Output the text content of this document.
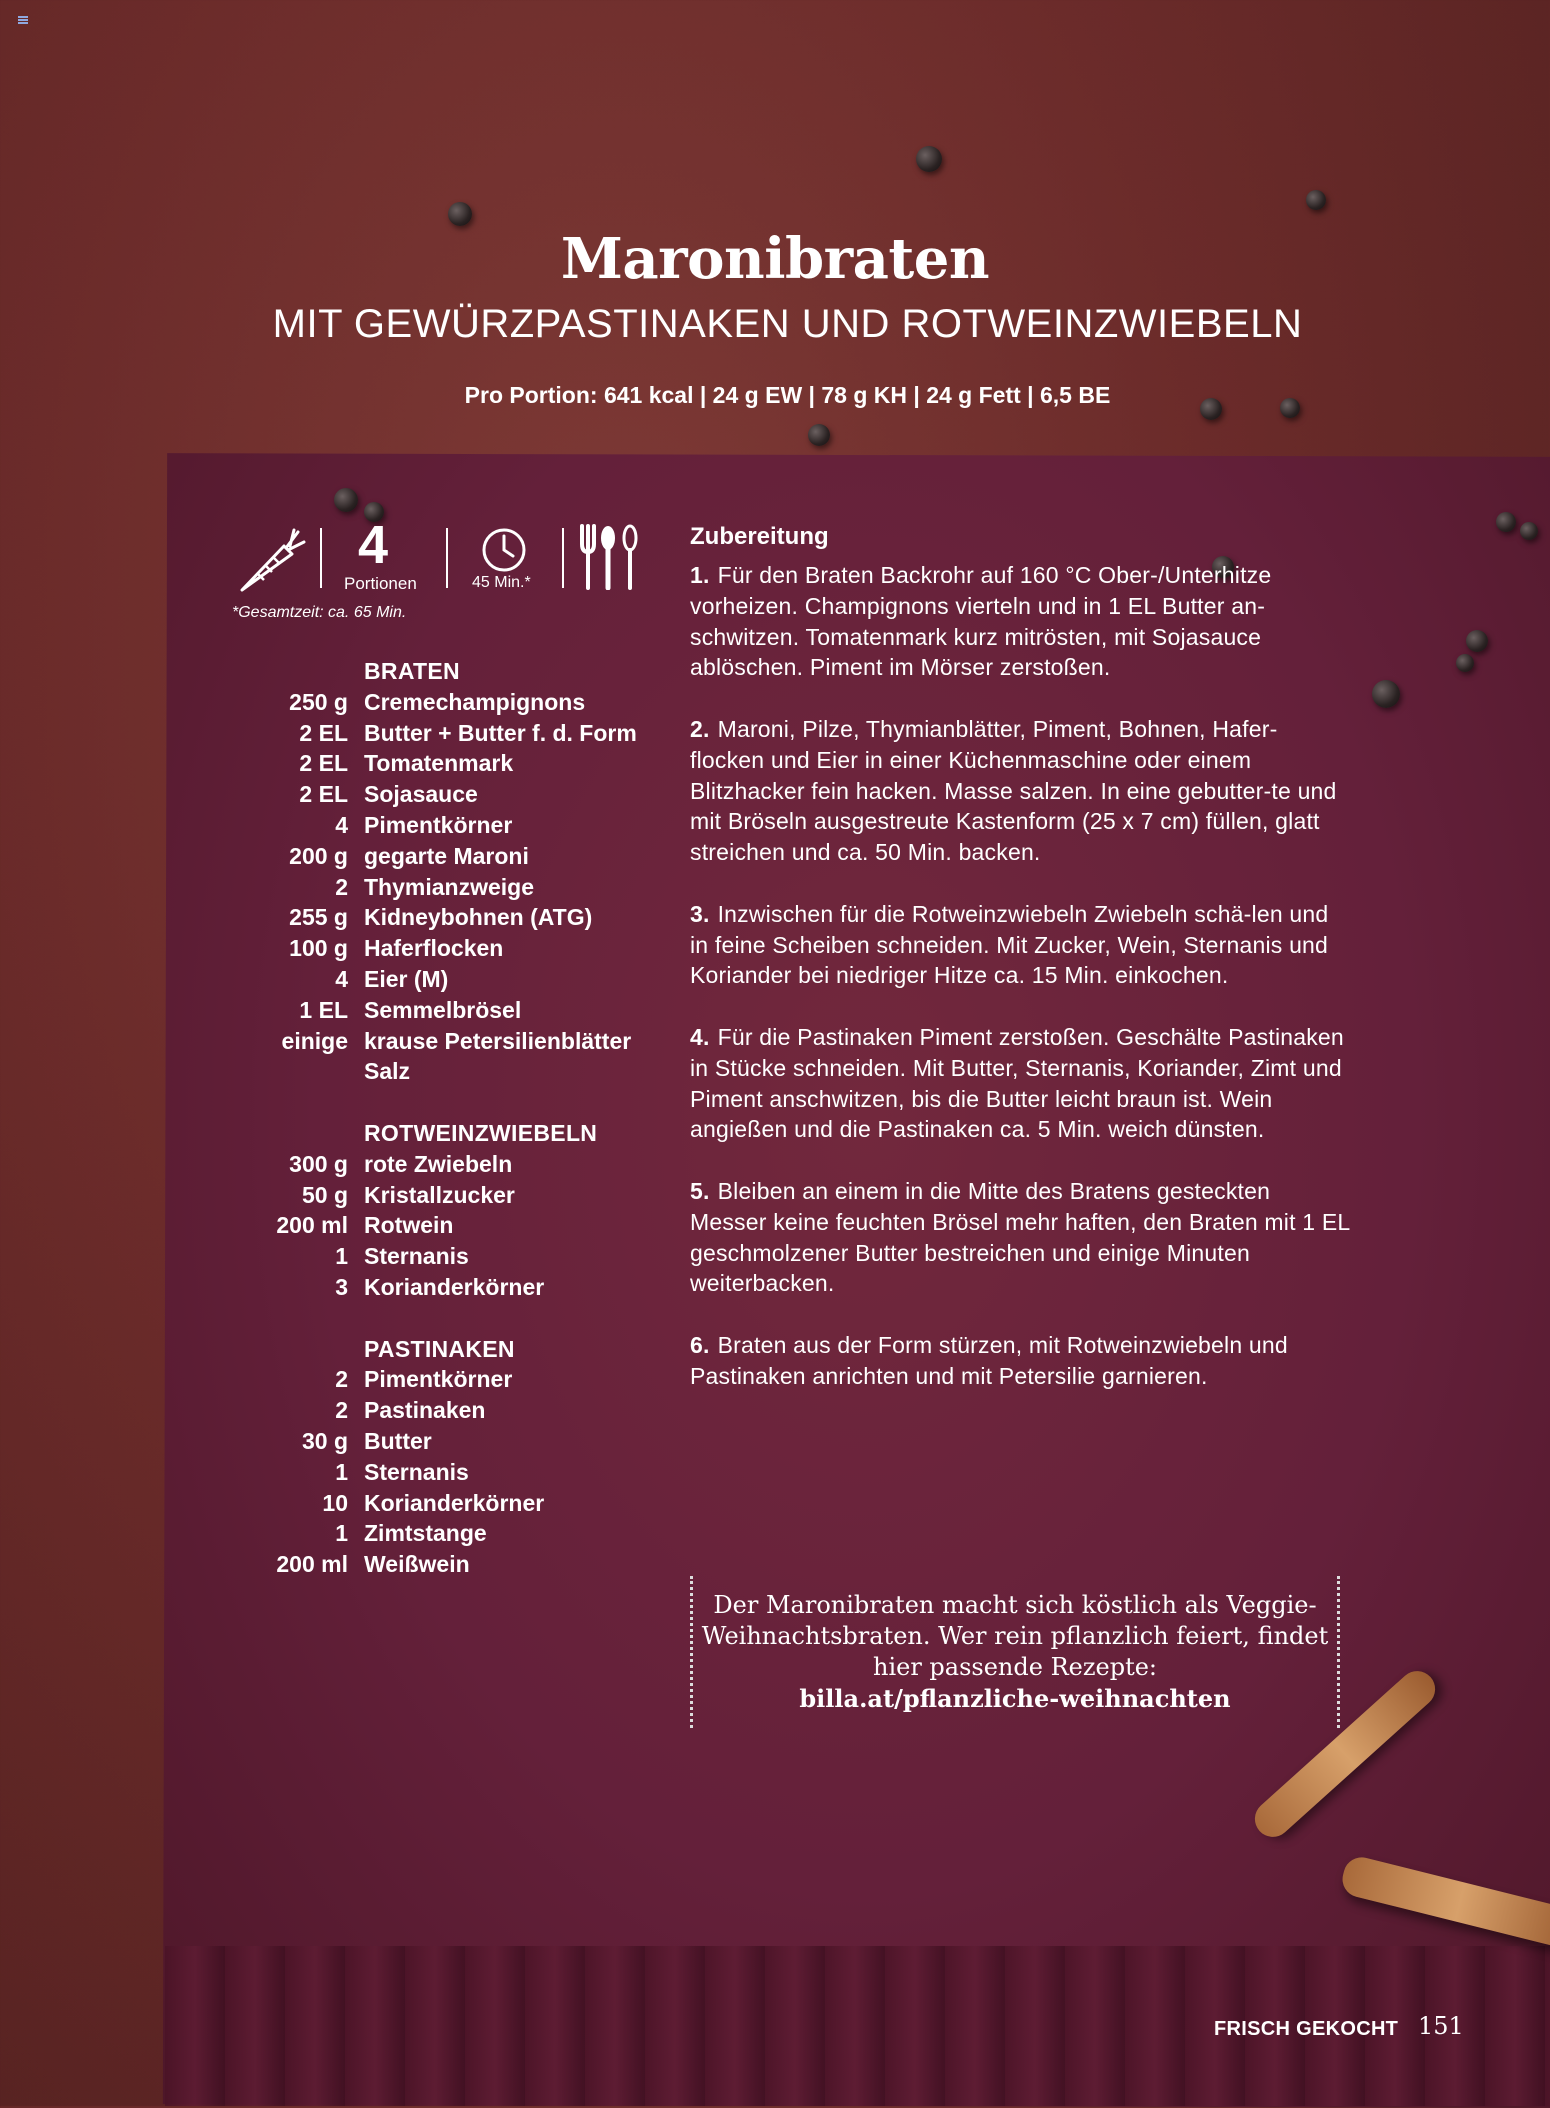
Maronibraten
MIT GEWÜRZPASTINAKEN UND ROTWEINZWIEBELN
Pro Portion: 641 kcal | 24 g EW | 78 g KH | 24 g Fett | 6,5 BE
4
Portionen	45 Min.*
*Gesamtzeit: ca. 65 Min.
BRATEN
250 g Cremechampignons
2 EL Butter + Butter f. d. Form
2 EL Tomatenmark
2 EL Sojasauce
4 Pimentkörner
200 g gegarte Maroni
2 Thymianzweige
255 g Kidneybohnen (ATG)
100 g Haferflocken
4 Eier (M)
1 EL Semmelbrösel
einige krause Petersilienblätter
Salz
ROTWEINZWIEBELN
300 g rote Zwiebeln
50 g Kristallzucker
200 ml Rotwein
1 Sternanis
3 Korianderkörner
PASTINAKEN
2 Pimentkörner
2 Pastinaken
30 g Butter
1 Sternanis
10 Korianderkörner
1 Zimtstange
200 ml Weißwein
Zubereitung
1. Für den Braten Backrohr auf 160 °C Ober-/Unterhitze vorheizen. Champignons vierteln und in 1 EL Butter an-schwitzen. Tomatenmark kurz mitrösten, mit Sojasauce ablöschen. Piment im Mörser zerstoßen.
2. Maroni, Pilze, Thymianblätter, Piment, Bohnen, Hafer-flocken und Eier in einer Küchenmaschine oder einem Blitzhacker fein hacken. Masse salzen. In eine gebutter-te und mit Bröseln ausgestreute Kastenform (25 x 7 cm) füllen, glatt streichen und ca. 50 Min. backen.
3. Inzwischen für die Rotweinzwiebeln Zwiebeln schä-len und in feine Scheiben schneiden. Mit Zucker, Wein, Sternanis und Koriander bei niedriger Hitze ca. 15 Min. einkochen.
4. Für die Pastinaken Piment zerstoßen. Geschälte Pastinaken in Stücke schneiden. Mit Butter, Sternanis, Koriander, Zimt und Piment anschwitzen, bis die Butter leicht braun ist. Wein angießen und die Pastinaken ca. 5 Min. weich dünsten.
5. Bleiben an einem in die Mitte des Bratens gesteckten Messer keine feuchten Brösel mehr haften, den Braten mit 1 EL geschmolzener Butter bestreichen und einige Minuten weiterbacken.
6. Braten aus der Form stürzen, mit Rotweinzwiebeln und Pastinaken anrichten und mit Petersilie garnieren.
Der Maronibraten macht sich köstlich als Veggie-Weihnachtsbraten. Wer rein pflanzlich feiert, findet hier passende Rezepte:
billa.at/pflanzliche-weihnachten
FRISCH GEKOCHT 151
